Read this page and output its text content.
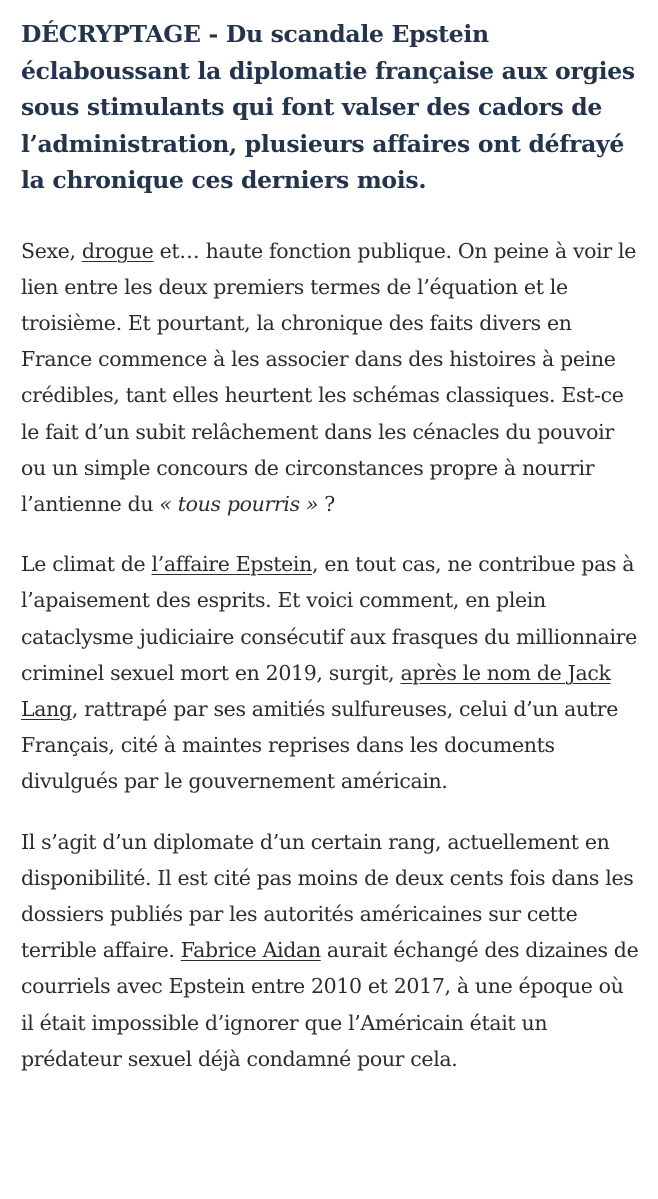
DÉCRYPTAGE - Du scandale Epstein éclaboussant la diplomatie française aux orgies sous stimulants qui font valser des cadors de l’administration, plusieurs affaires ont défrayé la chronique ces derniers mois.

Sexe, drogue et… haute fonction publique. On peine à voir le lien entre les deux premiers termes de l’équation et le troisième. Et pourtant, la chronique des faits divers en France commence à les associer dans des histoires à peine crédibles, tant elles heurtent les schémas classiques. Est-ce le fait d’un subit relâchement dans les cénacles du pouvoir ou un simple concours de circonstances propre à nourrir l’antienne du « tous pourris » ?

Le climat de l’affaire Epstein, en tout cas, ne contribue pas à l’apaisement des esprits. Et voici comment, en plein cataclysme judiciaire consécutif aux frasques du millionnaire criminel sexuel mort en 2019, surgit, après le nom de Jack Lang, rattrapé par ses amitiés sulfureuses, celui d’un autre Français, cité à maintes reprises dans les documents divulgués par le gouvernement américain.

Il s’agit d’un diplomate d’un certain rang, actuellement en disponibilité. Il est cité pas moins de deux cents fois dans les dossiers publiés par les autorités américaines sur cette terrible affaire. Fabrice Aidan aurait échangé des dizaines de courriels avec Epstein entre 2010 et 2017, à une époque où il était impossible d’ignorer que l’Américain était un prédateur sexuel déjà condamné pour cela.
